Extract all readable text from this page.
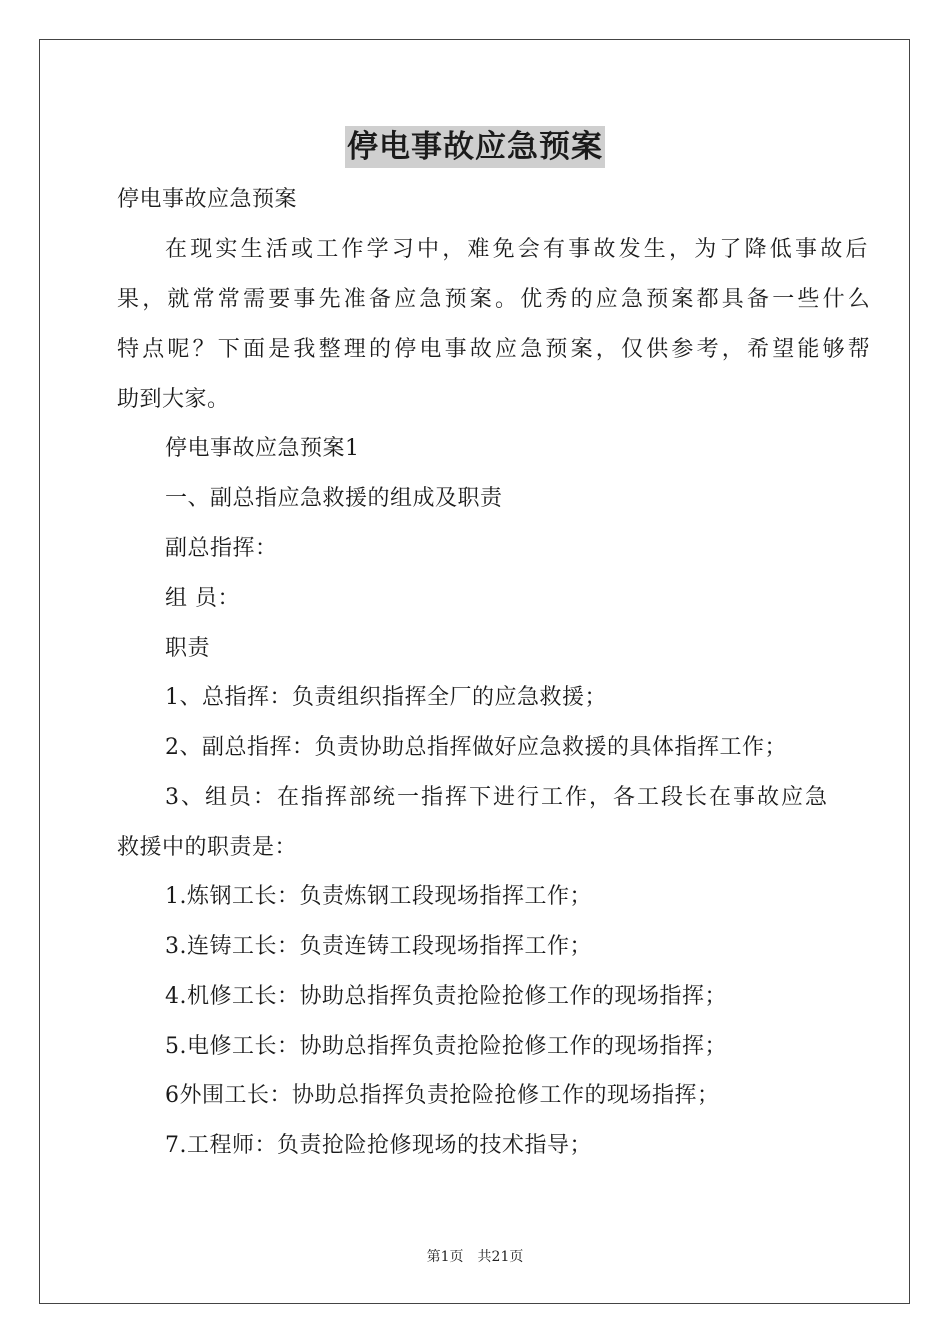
停电事故应急预案
停电事故应急预案
在现实生活或工作学习中，难免会有事故发生，为了降低事故后
果，就常常需要事先准备应急预案。优秀的应急预案都具备一些什么
特点呢？下面是我整理的停电事故应急预案，仅供参考，希望能够帮
助到大家。
停电事故应急预案1
一、副总指应急救援的组成及职责
副总指挥：
组 员：
职责
1、总指挥：负责组织指挥全厂的应急救援；
2、副总指挥：负责协助总指挥做好应急救援的具体指挥工作；
3、组员：在指挥部统一指挥下进行工作，各工段长在事故应急
救援中的职责是：
1.炼钢工长：负责炼钢工段现场指挥工作；
3.连铸工长：负责连铸工段现场指挥工作；
4.机修工长：协助总指挥负责抢险抢修工作的现场指挥；
5.电修工长：协助总指挥负责抢险抢修工作的现场指挥；
6外围工长：协助总指挥负责抢险抢修工作的现场指挥；
7.工程师：负责抢险抢修现场的技术指导；
第1页　共21页
